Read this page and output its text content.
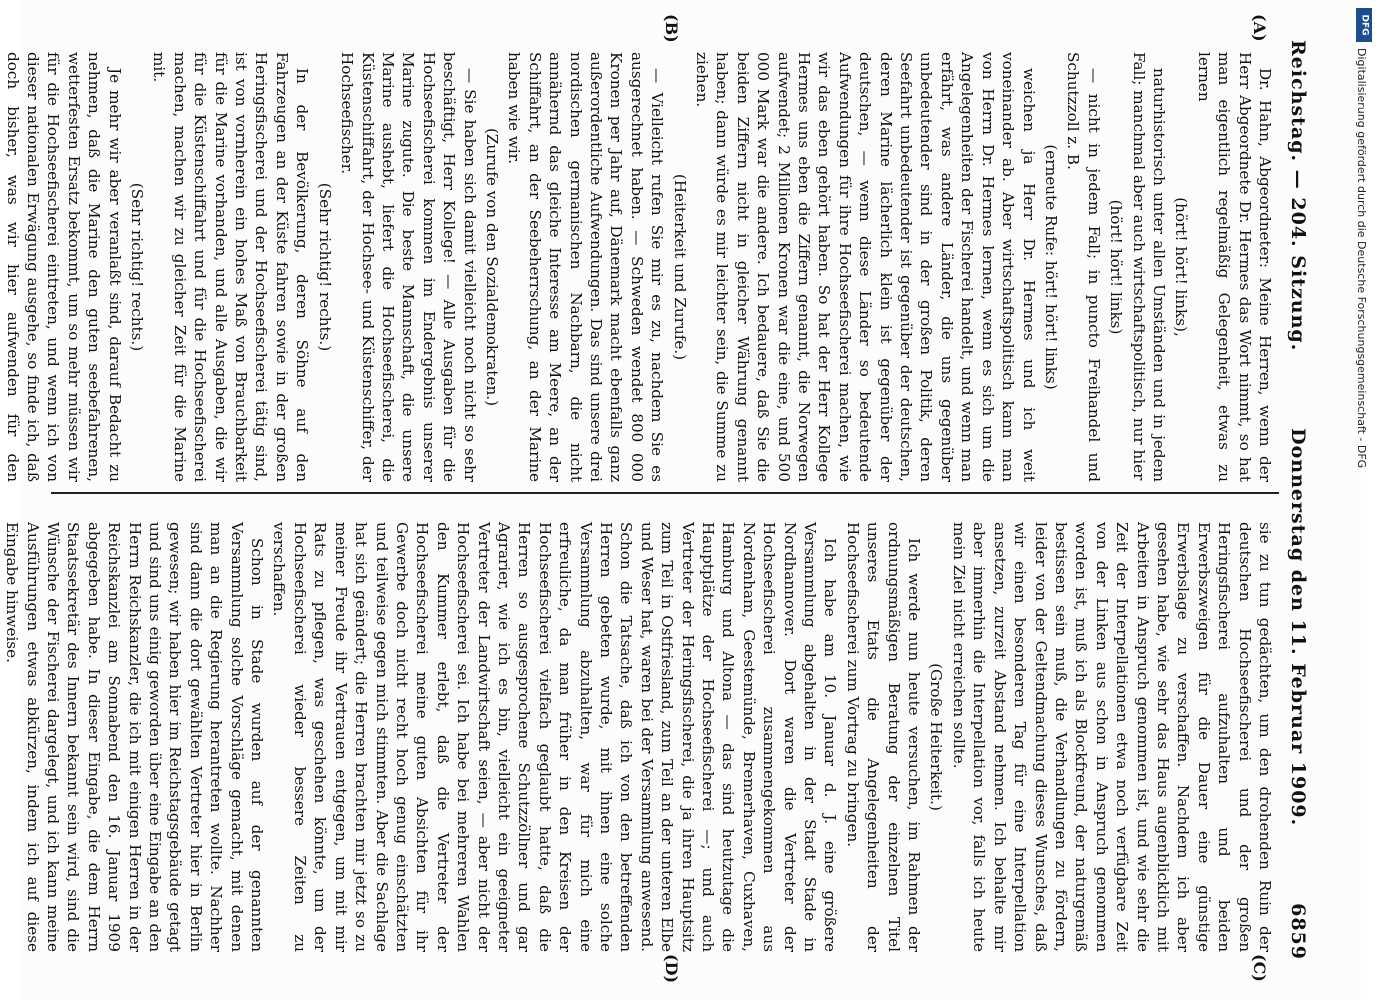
Reichstag. — 204. Sitzung.
Donnerstag den 11. Februar 1909.
6859
(A)
(B)
(C)
(D)

Dr. Hahn, Abgeordneter: Meine Herren, wenn der Herr Abgeordnete Dr. Hermes das Wort nimmt, so hat man eigentlich regelmäßig Gelegenheit, etwas zu lernen

(hört! hört! links),

naturhistorisch unter allen Umständen und in jedem Fall; manchmal aber auch wirtschaftspolitisch, nur hier

(hört! hört! links)

— nicht in jedem Fall; in puncto Freihandel und Schutzzoll z. B.

(erneute Rufe: hört! hört! links)

weichen ja Herr Dr. Hermes und ich weit voneinander ab. Aber wirtschaftspolitisch kann man von Herrn Dr. Hermes lernen, wenn es sich um die Angelegenheiten der Fischerei handelt, und wenn man erfährt, was andere Länder, die uns gegenüber unbedeutender sind in der großen Politik, deren Seefahrt unbedeutender ist gegenüber der deutschen, deren Marine lächerlich klein ist gegenüber der deutschen, — wenn diese Länder so bedeutende Aufwendungen für ihre Hochseefischerei machen, wie wir das eben gehört haben. So hat der Herr Kollege Hermes uns eben die Ziffern genannt, die Norwegen aufwendet; 2 Millionen Kronen war die eine, und 500 000 Mark war die andere. Ich bedauere, daß Sie die beiden Ziffern nicht in gleicher Währung genannt haben; dann würde es mir leichter sein, die Summe zu ziehen.

(Heiterkeit und Zurufe.)

— Vielleicht rufen Sie mir es zu, nachdem Sie es ausgerechnet haben. — Schweden wendet 800 000 Kronen per Jahr auf, Dänemark macht ebenfalls ganz außerordentliche Aufwendungen. Das sind unsere drei nordischen germanischen Nachbarn, die nicht annähernd das gleiche Interesse am Meere, an der Schiffahrt, an der Seebeherrschung, an der Marine haben wie wir.

(Zurufe von den Sozialdemokraten.)

— Sie haben sich damit vielleicht noch nicht so sehr beschäftigt, Herr Kollege! — Alle Ausgaben für die Hochseefischerei kommen im Endergebnis unserer Marine zugute. Die beste Mannschaft, die unsere Marine aushebt, liefert die Hochseefischerei, die Küstenschiffahrt, der Hochsee- und Küstenschiffer, der Hochseefischer.

(Sehr richtig! rechts.)

In der Bevölkerung, deren Söhne auf den Fahrzeugen an der Küste fahren sowie in der großen Heringsfischerei und der Hochseefischerei tätig sind, ist von vornherein ein hohes Maß von Brauchbarkeit für die Marine vorhanden, und alle Ausgaben, die wir für die Küstenschiffahrt und für die Hochseefischerei machen, machen wir zu gleicher Zeit für die Marine mit.

(Sehr richtig! rechts.)

Je mehr wir aber veranlaßt sind, darauf Bedacht zu nehmen, daß die Marine den guten seebefahrenen, wetterfesten Ersatz bekommt, um so mehr müssen wir für die Hochseefischerei eintreten, und wenn ich von dieser nationalen Erwägung ausgehe, so finde ich, daß doch bisher, was wir hier aufwenden für den

sie zu tun gedächten, um den drohenden Ruin der deutschen Hochseefischerei und der großen Heringsfischerei aufzuhalten und beiden Erwerbszweigen für die Dauer eine günstige Erwerbslage zu verschaffen. Nachdem ich aber gesehen habe, wie sehr das Haus augenblicklich mit Arbeiten in Anspruch genommen ist, und wie sehr die Zeit der Interpellationen etwa noch verfügbare Zeit von der Linken aus schon in Anspruch genommen worden ist, muß ich als Blockfreund, der naturgemäß bestissen sein muß, die Verhandlungen zu fördern, leider von der Geltendmachung dieses Wunsches, daß wir einen besonderen Tag für eine Interpellation ansetzen, zurzeit Abstand nehmen. Ich behalte mir aber immerhin die Interpellation vor, falls ich heute mein Ziel nicht erreichen sollte.

(Große Heiterkeit.)

Ich werde nun heute versuchen, im Rahmen der ordnungsmäßigen Beratung der einzelnen Titel unseres Etats die Angelegenheiten der Hochseefischerei zum Vortrag zu bringen.

Ich habe am 10. Januar d. J. eine größere Versammlung abgehalten in der Stadt Stade in Nordhannover. Dort waren die Vertreter der Hochseefischerei zusammengekommen aus Nordenham, Geestemünde, Bremerhaven, Cuxhaven, Hamburg und Altona — das sind heutzutage die Hauptplätze der Hochseefischerei —; und auch Vertreter der Heringsfischerei, die ja ihren Hauptsitz zum Teil in Ostfriesland, zum Teil an der unteren Elbe und Weser hat, waren bei der Versammlung anwesend. Schon die Tatsache, daß ich von den betreffenden Herren gebeten wurde, mit ihnen eine solche Versammlung abzuhalten, war für mich eine erfreuliche, da man früher in den Kreisen der Hochseefischerei vielfach geglaubt hatte, daß die Herren so ausgesprochene Schutzzöllner und gar Agrarier, wie ich es bin, vielleicht ein geeigneter Vertreter der Landwirtschaft seien, — aber nicht der Hochseefischerei sei. Ich habe bei mehreren Wahlen den Kummer erlebt, daß die Vertreter der Hochseefischerei meine guten Absichten für ihr Gewerbe doch nicht recht hoch genug einschätzten und teilweise gegen mich stimmten. Aber die Sachlage hat sich geändert; die Herren brachten mir jetzt so zu meiner Freude ihr Vertrauen entgegen, um mit mir Rats zu pflegen, was geschehen könnte, um der Hochseefischerei wieder bessere Zeiten zu verschaffen.

Schon in Stade wurden auf der genannten Versammlung solche Vorschläge gemacht, mit denen man an die Regierung herantreten wollte. Nachher sind dann die dort gewählten Vertreter hier in Berlin gewesen; wir haben hier im Reichstagsgebäude getagt und sind uns einig geworden über eine Eingabe an den Herrn Reichskanzler, die ich mit einigen Herren in der Reichskanzlei am Sonnabend den 16. Januar 1909 abgegeben habe. In dieser Eingabe, die dem Herrn Staatssekretär des Innern bekannt sein wird, sind die Wünsche der Fischerei dargelegt, und ich kann meine Ausführungen etwas abkürzen, indem ich auf diese Eingabe hinweise.

DFG
Digitalisierung gefördert durch die Deutsche Forschungsgemeinschaft - DFG
